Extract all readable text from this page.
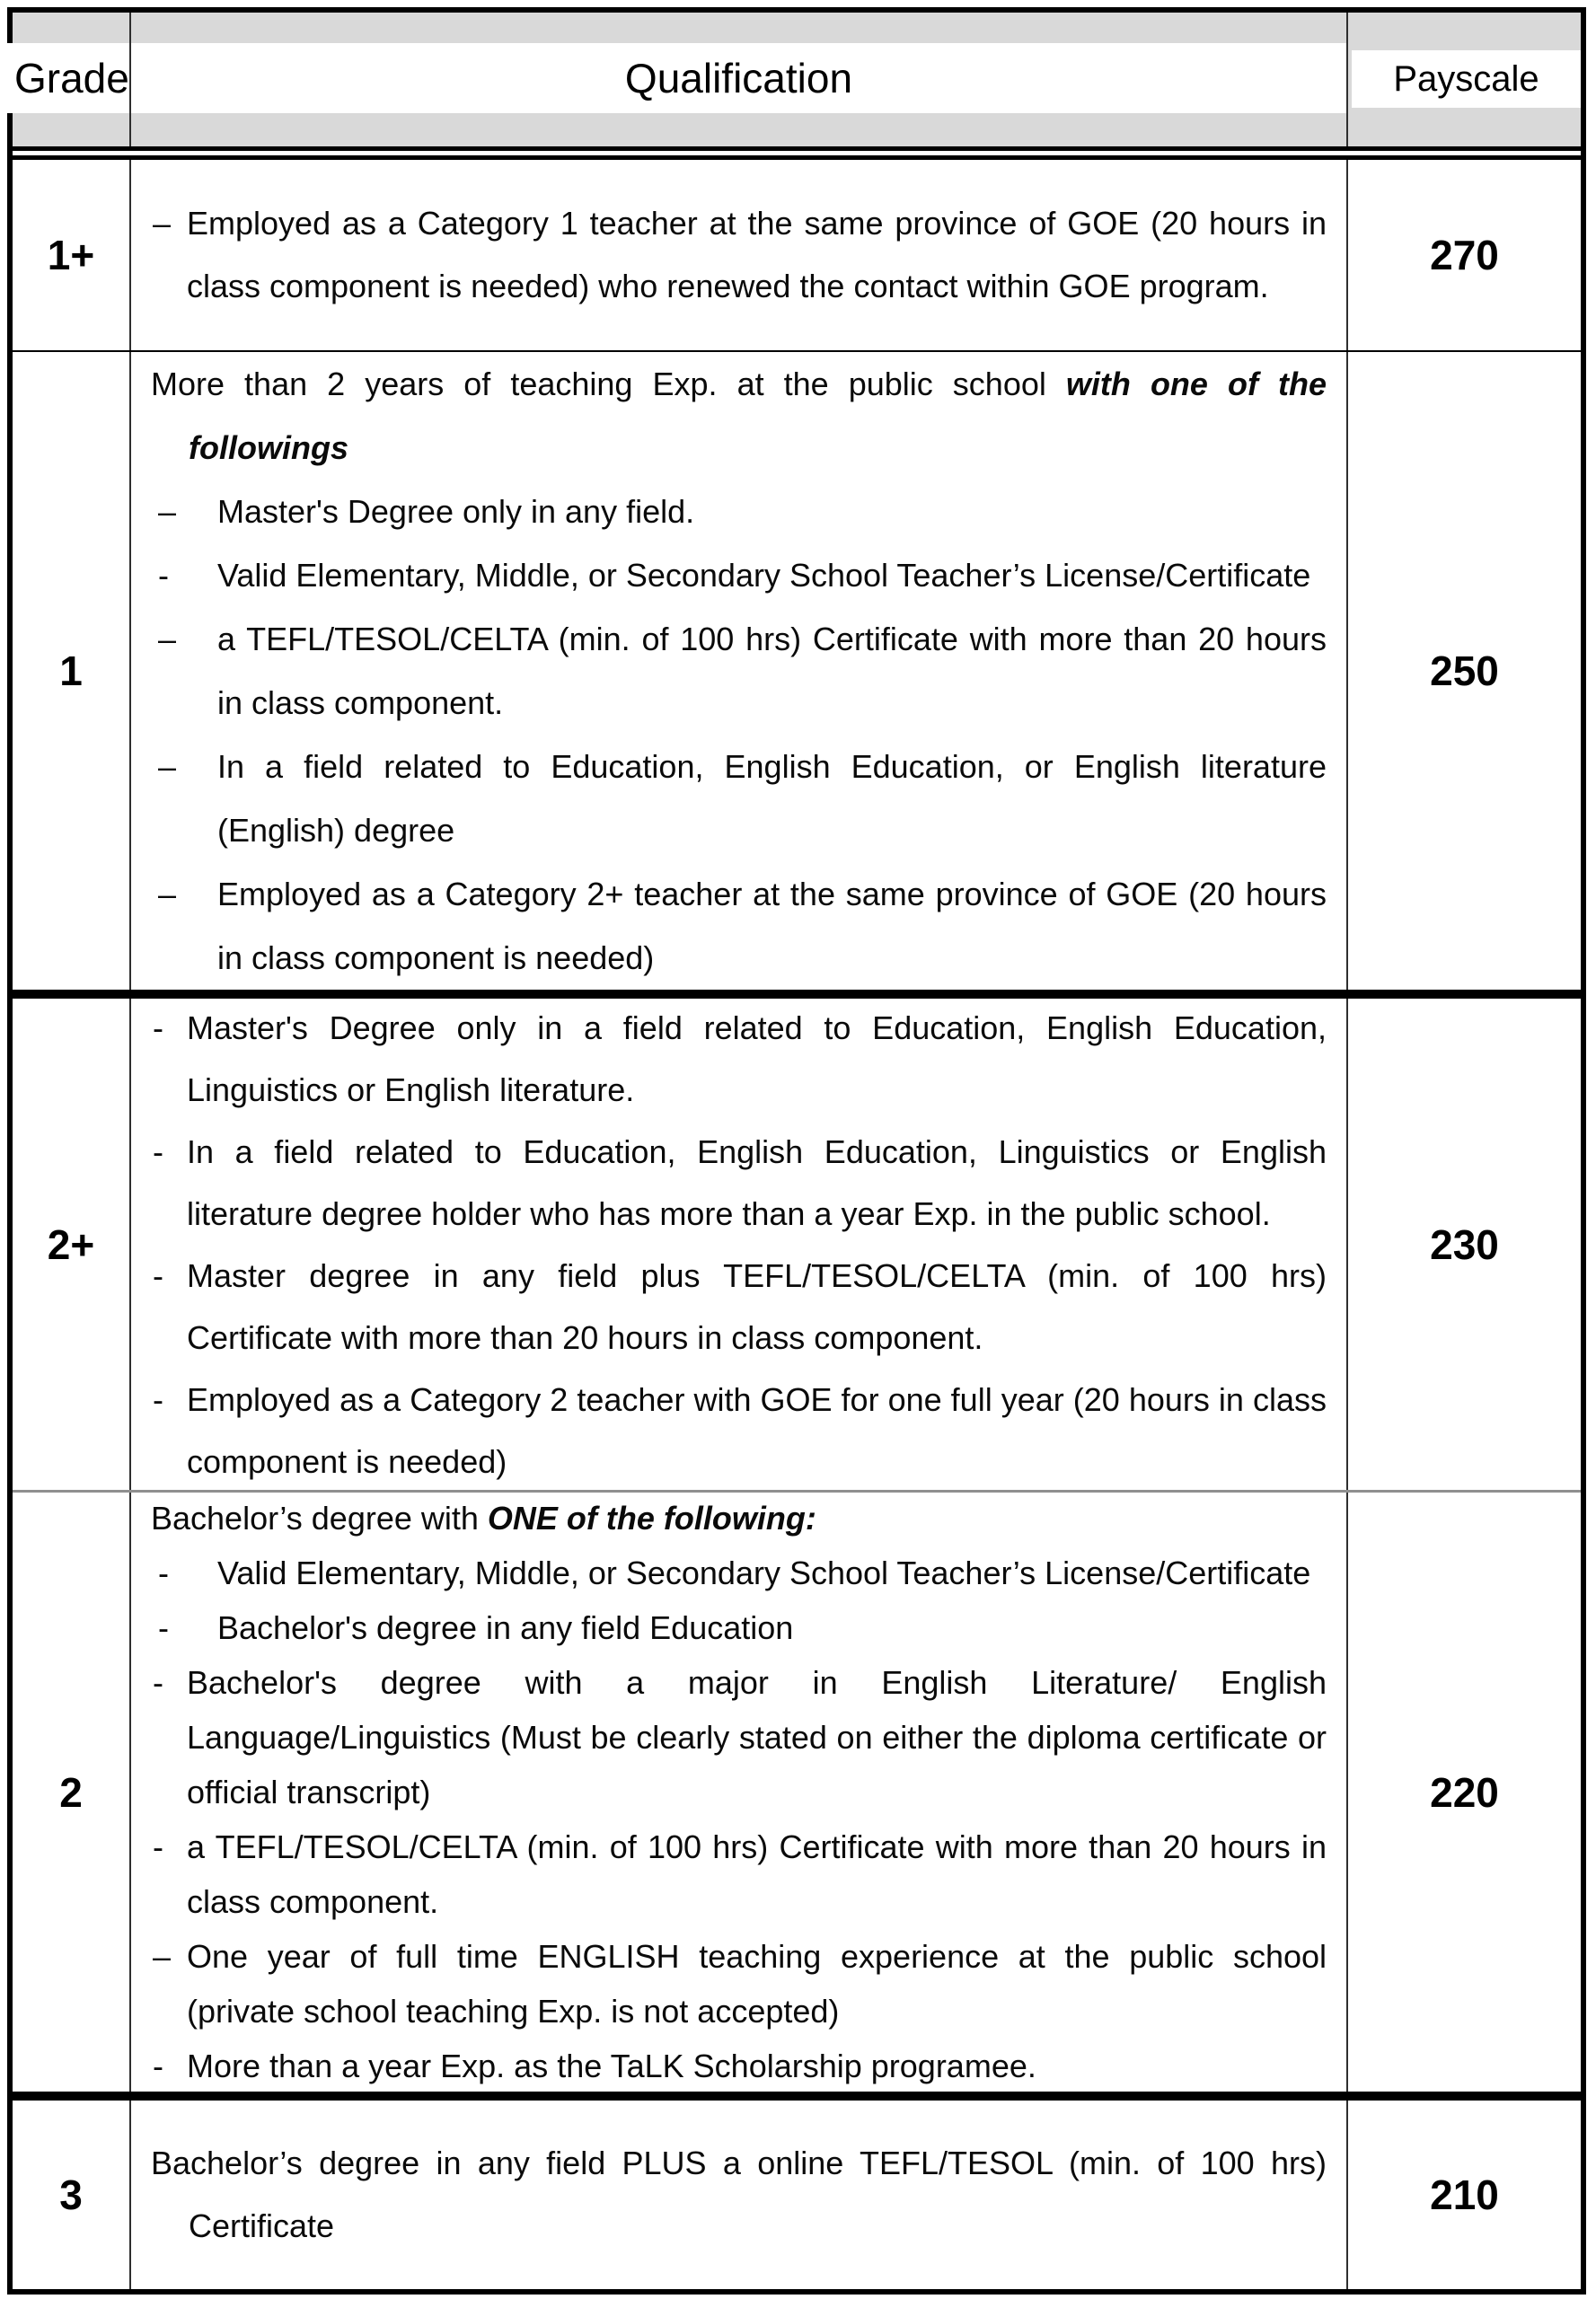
Grade	Qualification	Payscale
1+

– Employed as a Category 1 teacher at the same province of GOE (20 hours in class component is needed) who renewed the contact within GOE program.

270
1

More than 2 years of teaching Exp. at the public school with one of the followings

– Master's Degree only in any field.

- Valid Elementary, Middle, or Secondary School Teacher’s License/Certificate

– a TEFL/TESOL/CELTA (min. of 100 hrs) Certificate with more than 20 hours in class component.

– In a field related to Education, English Education, or English literature (English) degree

– Employed as a Category 2+ teacher at the same province of GOE (20 hours in class component is needed)

250
2+

- Master's Degree only in a field related to Education, English Education, Linguistics or English literature.

- In a field related to Education, English Education, Linguistics or English literature degree holder who has more than a year Exp. in the public school.

- Master degree in any field plus TEFL/TESOL/CELTA (min. of 100 hrs) Certificate with more than 20 hours in class component.

- Employed as a Category 2 teacher with GOE for one full year (20 hours in class component is needed)

230
2

Bachelor’s degree with ONE of the following:

- Valid Elementary, Middle, or Secondary School Teacher’s License/Certificate

- Bachelor's degree in any field Education

- Bachelor's degree with a major in English Literature/ English Language/Linguistics (Must be clearly stated on either the diploma certificate or official transcript)

- a TEFL/TESOL/CELTA (min. of 100 hrs) Certificate with more than 20 hours in class component.

– One year of full time ENGLISH teaching experience at the public school (private school teaching Exp. is not accepted)

- More than a year Exp. as the TaLK Scholarship programee.

220
3

Bachelor’s degree in any field PLUS a online TEFL/TESOL (min. of 100 hrs) Certificate

210
